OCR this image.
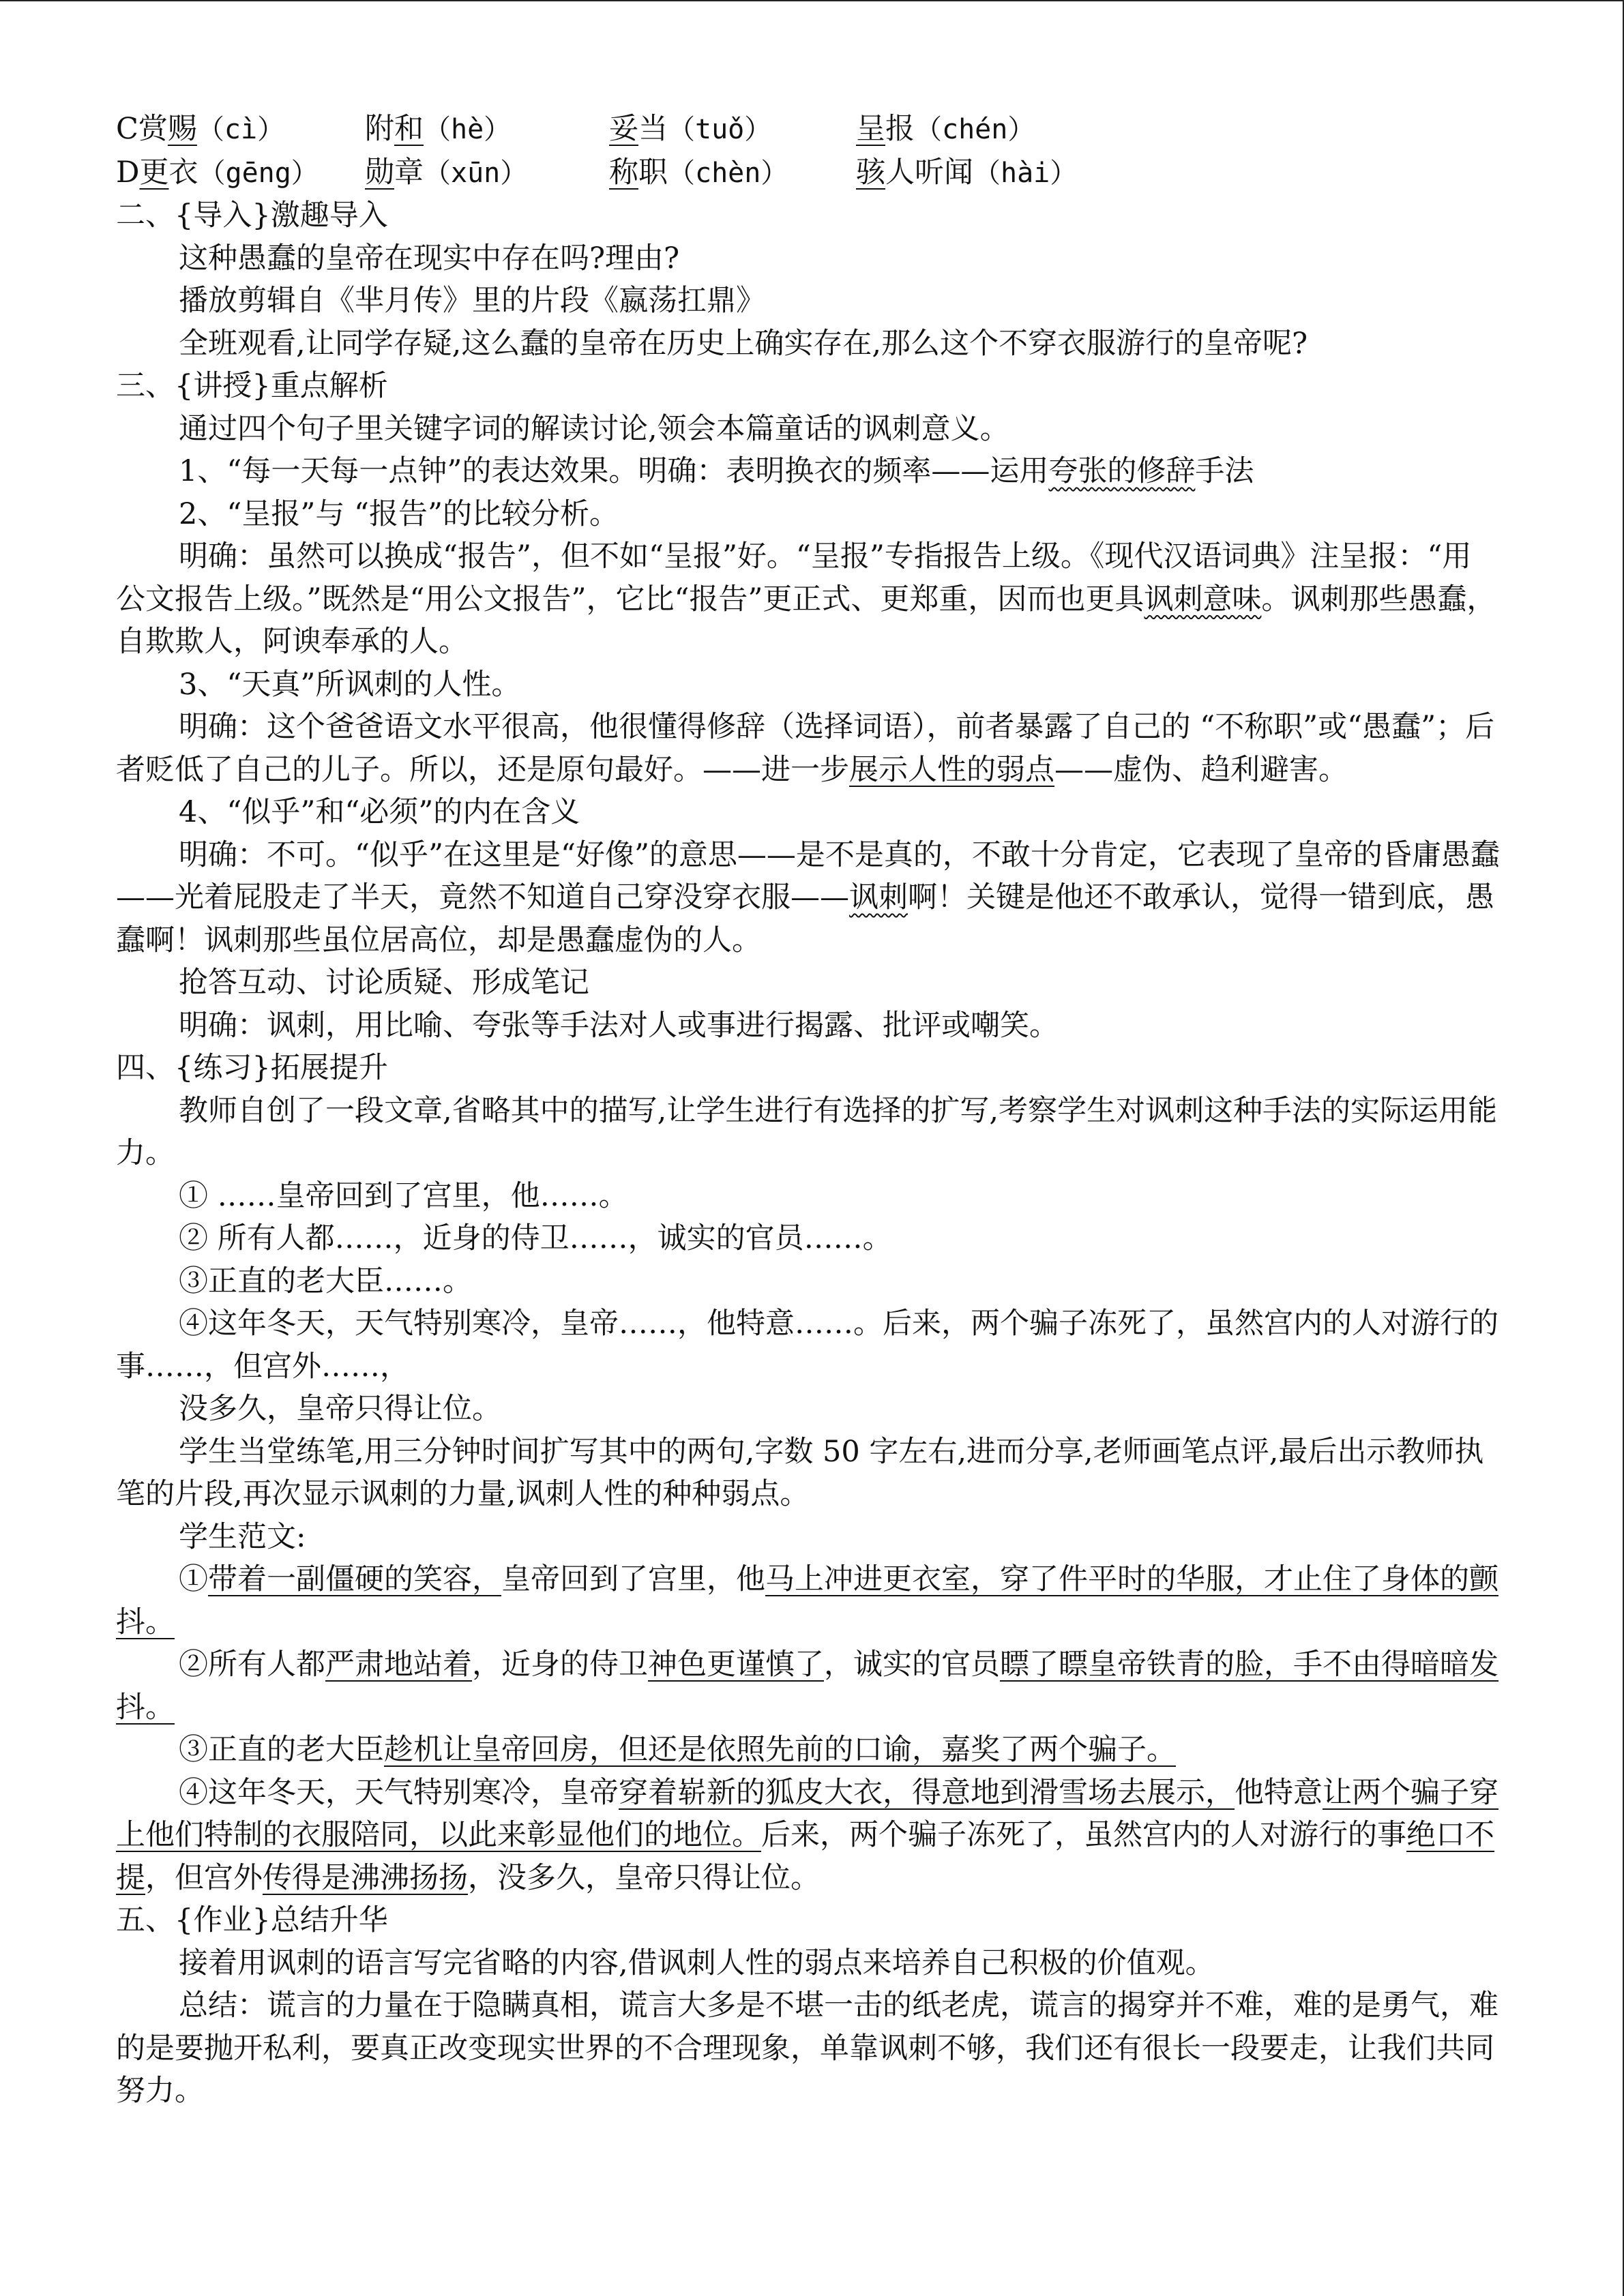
C赏赐（cì）	附和（hè）	妥当（tuǒ）	呈报（chén）
D更衣（gēng）	勋章（xūn）	称职（chèn）	骇人听闻（hài）

二、{导入}激趣导入

这种愚蠢的皇帝在现实中存在吗?理由?

播放剪辑自《芈月传》里的片段《嬴荡扛鼎》

全班观看,让同学存疑,这么蠢的皇帝在历史上确实存在,那么这个不穿衣服游行的皇帝呢?

三、{讲授}重点解析

通过四个句子里关键字词的解读讨论,领会本篇童话的讽刺意义。

1、“每一天每一点钟”的表达效果。明确：表明换衣的频率——运用夸张的修辞手法

2、“呈报”与 “报告”的比较分析。

明确：虽然可以换成“报告”，但不如“呈报”好。“呈报”专指报告上级。《现代汉语词典》注呈报：“用公文报告上级。”既然是“用公文报告”，它比“报告”更正式、更郑重，因而也更具讽刺意味。讽刺那些愚蠢，自欺欺人，阿谀奉承的人。

3、“天真”所讽刺的人性。

明确：这个爸爸语文水平很高，他很懂得修辞（选择词语），前者暴露了自己的 “不称职”或“愚蠢”；后者贬低了自己的儿子。所以，还是原句最好。——进一步展示人性的弱点——虚伪、趋利避害。

4、“似乎”和“必须”的内在含义

明确：不可。“似乎”在这里是“好像”的意思——是不是真的，不敢十分肯定，它表现了皇帝的昏庸愚蠢——光着屁股走了半天，竟然不知道自己穿没穿衣服——讽刺啊！关键是他还不敢承认，觉得一错到底，愚蠢啊！讽刺那些虽位居高位，却是愚蠢虚伪的人。

抢答互动、讨论质疑、形成笔记

明确：讽刺，用比喻、夸张等手法对人或事进行揭露、批评或嘲笑。

四、{练习}拓展提升

教师自创了一段文章,省略其中的描写,让学生进行有选择的扩写,考察学生对讽刺这种手法的实际运用能力。

① ……皇帝回到了宫里，他……。

② 所有人都……，近身的侍卫……，诚实的官员……。

③正直的老大臣……。

④这年冬天，天气特别寒冷，皇帝……，他特意……。后来，两个骗子冻死了，虽然宫内的人对游行的事……，但宫外……，

没多久，皇帝只得让位。

学生当堂练笔,用三分钟时间扩写其中的两句,字数 50 字左右,进而分享,老师画笔点评,最后出示教师执笔的片段,再次显示讽刺的力量,讽刺人性的种种弱点。

学生范文:

①带着一副僵硬的笑容，皇帝回到了宫里，他马上冲进更衣室，穿了件平时的华服，才止住了身体的颤抖。

②所有人都严肃地站着，近身的侍卫神色更谨慎了，诚实的官员瞟了瞟皇帝铁青的脸，手不由得暗暗发抖。

③正直的老大臣趁机让皇帝回房，但还是依照先前的口谕，嘉奖了两个骗子。

④这年冬天，天气特别寒冷，皇帝穿着崭新的狐皮大衣，得意地到滑雪场去展示，他特意让两个骗子穿上他们特制的衣服陪同，以此来彰显他们的地位。后来，两个骗子冻死了，虽然宫内的人对游行的事绝口不提，但宫外传得是沸沸扬扬，没多久，皇帝只得让位。

五、{作业}总结升华

接着用讽刺的语言写完省略的内容,借讽刺人性的弱点来培养自己积极的价值观。

总结：谎言的力量在于隐瞒真相，谎言大多是不堪一击的纸老虎，谎言的揭穿并不难，难的是勇气，难的是要抛开私利，要真正改变现实世界的不合理现象，单靠讽刺不够，我们还有很长一段要走，让我们共同努力。
